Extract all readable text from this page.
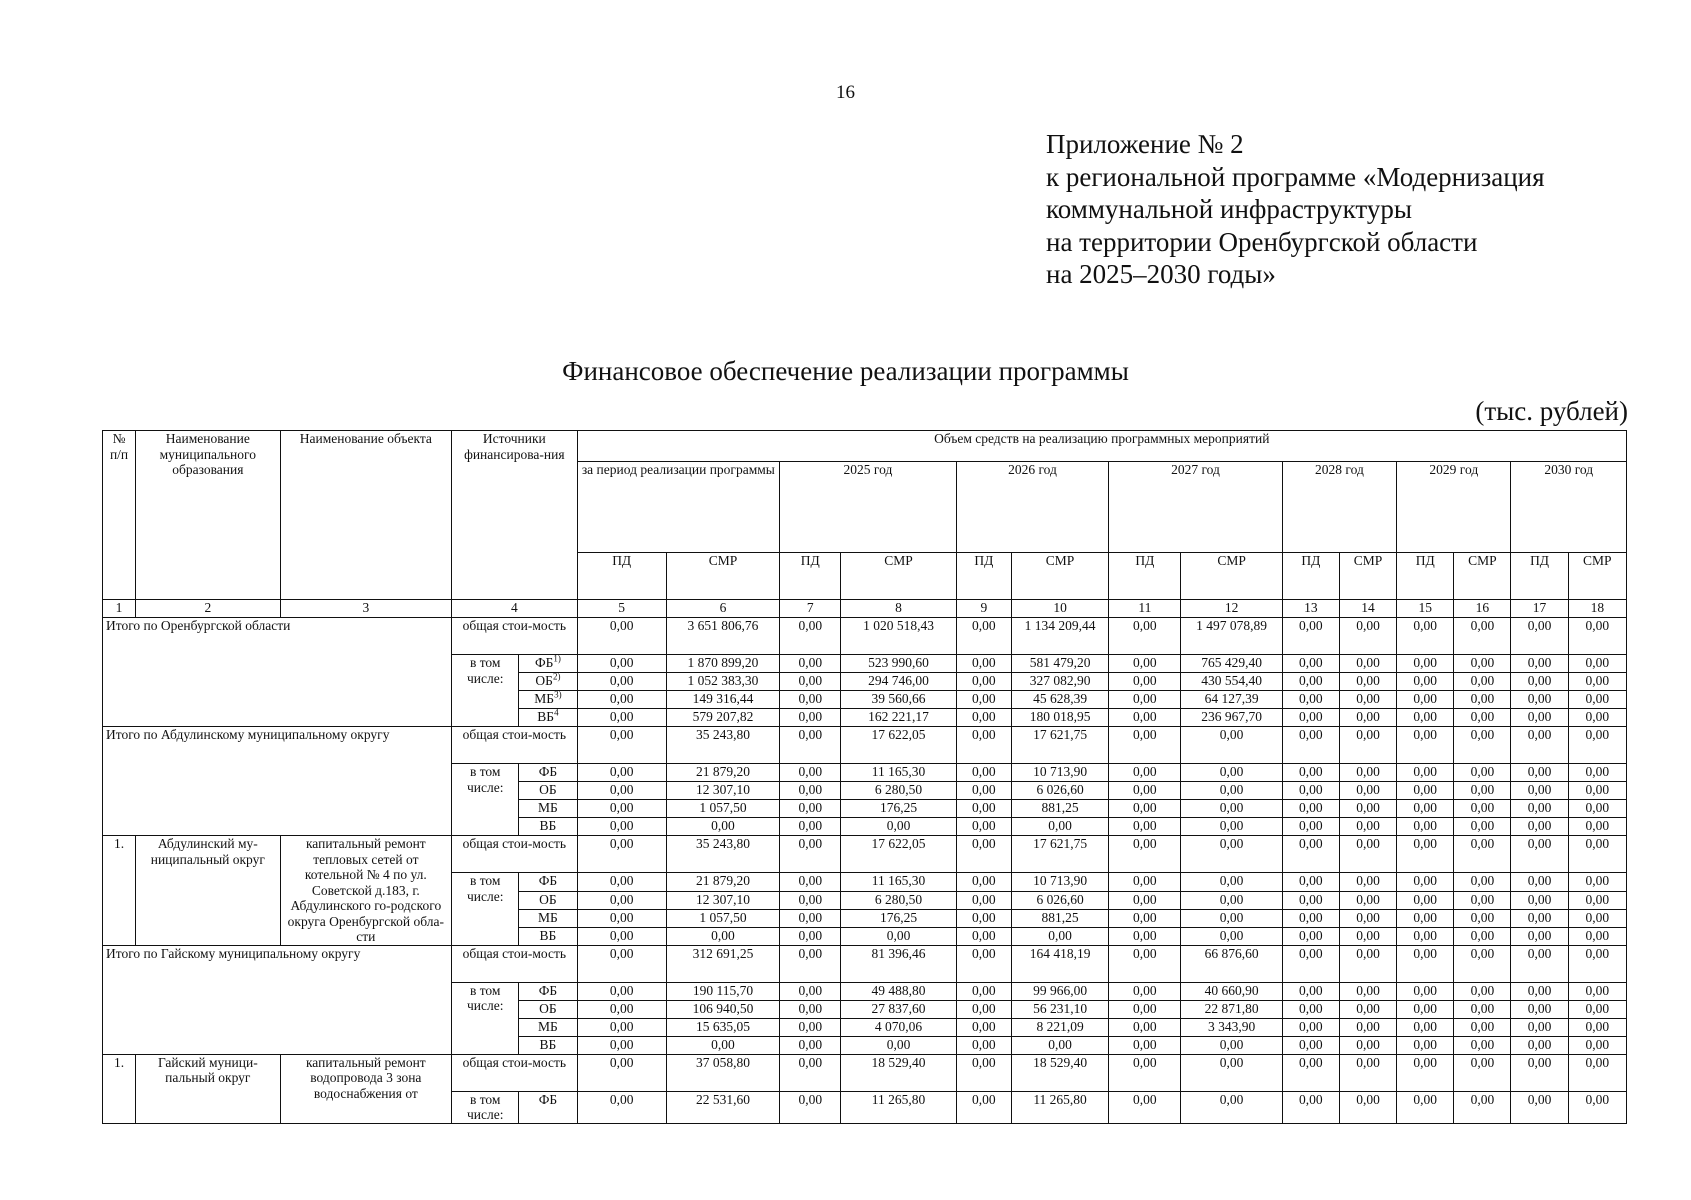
16
Приложение № 2
к региональной программе «Модернизация
коммунальной инфраструктуры
на территории Оренбургской области
на 2025–2030 годы»
Финансовое обеспечение реализации программы
(тыс. рублей)
№ п/п	Наименование муниципального образования	Наименование объекта	Источники финансирова-ния		Объем средств на реализацию программных мероприятий													
					за период реализации программы		2025 год		2026 год		2027 год		2028 год		2029 год		2030 год	
					ПД	СМР	ПД	СМР	ПД	СМР	ПД	СМР	ПД	СМР	ПД	СМР	ПД	СМР
1	2	3	4		5	6	7	8	9	10	11	12	13	14	15	16	17	18
Итого по Оренбургской области			общая стои-мость		0,00	3 651 806,76	0,00	1 020 518,43	0,00	1 134 209,44	0,00	1 497 078,89	0,00	0,00	0,00	0,00	0,00	0,00
			в том числе:	ФБ$^{1)}$	0,00	1 870 899,20	0,00	523 990,60	0,00	581 479,20	0,00	765 429,40	0,00	0,00	0,00	0,00	0,00	0,00
				ОБ$^{2)}$	0,00	1 052 383,30	0,00	294 746,00	0,00	327 082,90	0,00	430 554,40	0,00	0,00	0,00	0,00	0,00	0,00
				МБ$^{3)}$	0,00	149 316,44	0,00	39 560,66	0,00	45 628,39	0,00	64 127,39	0,00	0,00	0,00	0,00	0,00	0,00
				$ВБ^4$	0,00	579 207,82	0,00	162 221,17	0,00	180 018,95	0,00	236 967,70	0,00	0,00	0,00	0,00	0,00	0,00
Итого по Абдулинскому муниципальному округу			общая стои-мость		0,00	35 243,80	0,00	17 622,05	0,00	17 621,75	0,00	0,00	0,00	0,00	0,00	0,00	0,00	0,00
			в том числе:	ФБ	0,00	21 879,20	0,00	11 165,30	0,00	10 713,90	0,00	0,00	0,00	0,00	0,00	0,00	0,00	0,00
				ОБ	0,00	12 307,10	0,00	6 280,50	0,00	6 026,60	0,00	0,00	0,00	0,00	0,00	0,00	0,00	0,00
				МБ	0,00	1 057,50	0,00	176,25	0,00	881,25	0,00	0,00	0,00	0,00	0,00	0,00	0,00	0,00
				ВБ	0,00	0,00	0,00	0,00	0,00	0,00	0,00	0,00	0,00	0,00	0,00	0,00	0,00	0,00
1.	Абдулинский му-ниципальный округ	капитальный ремонт тепловых сетей от котельной № 4 по ул. Советской д.183, г. Абдулинского го-родского округа Оренбургской обла-сти	общая стои-мость		0,00	35 243,80	0,00	17 622,05	0,00	17 621,75	0,00	0,00	0,00	0,00	0,00	0,00	0,00	0,00
			в том числе:	ФБ	0,00	21 879,20	0,00	11 165,30	0,00	10 713,90	0,00	0,00	0,00	0,00	0,00	0,00	0,00	0,00
				ОБ	0,00	12 307,10	0,00	6 280,50	0,00	6 026,60	0,00	0,00	0,00	0,00	0,00	0,00	0,00	0,00
				МБ	0,00	1 057,50	0,00	176,25	0,00	881,25	0,00	0,00	0,00	0,00	0,00	0,00	0,00	0,00
				ВБ	0,00	0,00	0,00	0,00	0,00	0,00	0,00	0,00	0,00	0,00	0,00	0,00	0,00	0,00
Итого по Гайскому муниципальному округу			общая стои-мость		0,00	312 691,25	0,00	81 396,46	0,00	164 418,19	0,00	66 876,60	0,00	0,00	0,00	0,00	0,00	0,00
			в том числе:	ФБ	0,00	190 115,70	0,00	49 488,80	0,00	99 966,00	0,00	40 660,90	0,00	0,00	0,00	0,00	0,00	0,00
				ОБ	0,00	106 940,50	0,00	27 837,60	0,00	56 231,10	0,00	22 871,80	0,00	0,00	0,00	0,00	0,00	0,00
				МБ	0,00	15 635,05	0,00	4 070,06	0,00	8 221,09	0,00	3 343,90	0,00	0,00	0,00	0,00	0,00	0,00
				ВБ	0,00	0,00	0,00	0,00	0,00	0,00	0,00	0,00	0,00	0,00	0,00	0,00	0,00	0,00
1.	Гайский муници-пальный округ	капитальный ремонт водопровода 3 зона водоснабжения от	общая стои-мость		0,00	37 058,80	0,00	18 529,40	0,00	18 529,40	0,00	0,00	0,00	0,00	0,00	0,00	0,00	0,00
			в том числе:	ФБ	0,00	22 531,60	0,00	11 265,80	0,00	11 265,80	0,00	0,00	0,00	0,00	0,00	0,00	0,00	0,00
